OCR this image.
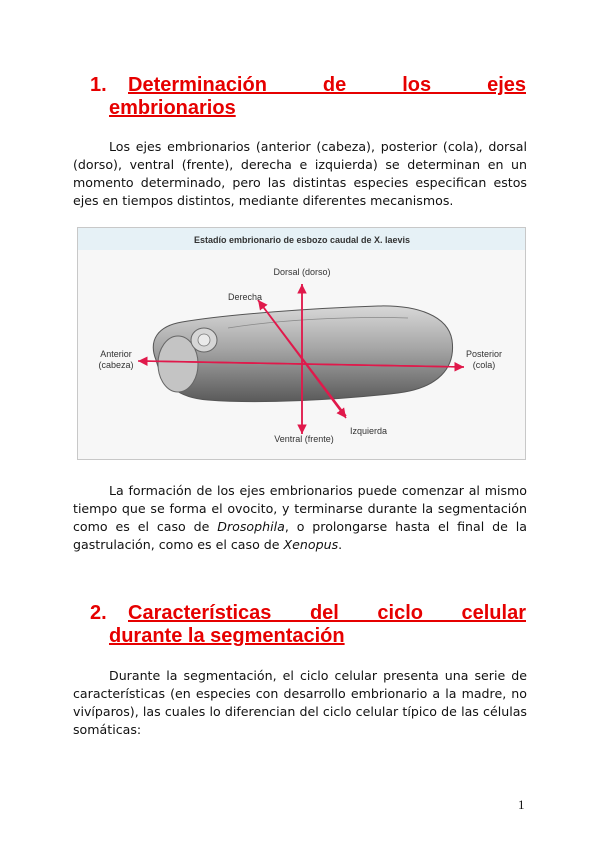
1. Determinación de los ejes
embrionarios

Los ejes embrionarios (anterior (cabeza), posterior (cola), dorsal (dorso), ventral (frente), derecha e izquierda) se determinan en un momento determinado, pero las distintas especies especifican estos ejes en tiempos distintos, mediante diferentes mecanismos.

Estadío embrionario de esbozo caudal de X. laevis
Dorsal (dorso)
Derecha
Anterior
(cabeza)
Posterior
(cola)
Ventral (frente)
Izquierda

La formación de los ejes embrionarios puede comenzar al mismo tiempo que se forma el ovocito, y terminarse durante la segmentación como es el caso de Drosophila, o prolongarse hasta el final de la gastrulación, como es el caso de Xenopus.

2. Características del ciclo celular
durante la segmentación

Durante la segmentación, el ciclo celular presenta una serie de características (en especies con desarrollo embrionario a la madre, no vivíparos), las cuales lo diferencian del ciclo celular típico de las células somáticas:

1
